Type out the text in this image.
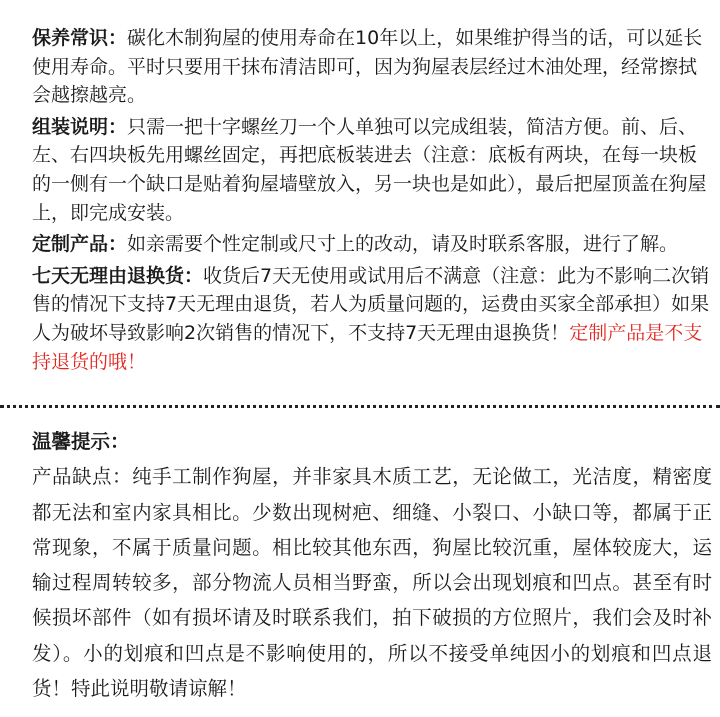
保养常识：碳化木制狗屋的使用寿命在10年以上，如果维护得当的话，可以延长使用寿命。平时只要用干抹布清洁即可，因为狗屋表层经过木油处理，经常擦拭会越擦越亮。

组装说明：只需一把十字螺丝刀一个人单独可以完成组装，简洁方便。前、后、左、右四块板先用螺丝固定，再把底板装进去（注意：底板有两块，在每一块板的一侧有一个缺口是贴着狗屋墙壁放入，另一块也是如此），最后把屋顶盖在狗屋上，即完成安装。

定制产品：如亲需要个性定制或尺寸上的改动，请及时联系客服，进行了解。

七天无理由退换货：收货后7天无使用或试用后不满意（注意：此为不影响二次销售的情况下支持7天无理由退货，若人为质量问题的，运费由买家全部承担）如果人为破坏导致影响2次销售的情况下，不支持7天无理由退换货！定制产品是不支持退货的哦！

温馨提示：

产品缺点：纯手工制作狗屋，并非家具木质工艺，无论做工，光洁度，精密度都无法和室内家具相比。少数出现树疤、细缝、小裂口、小缺口等，都属于正常现象，不属于质量问题。相比较其他东西，狗屋比较沉重，屋体较庞大，运输过程周转较多，部分物流人员相当野蛮，所以会出现划痕和凹点。甚至有时候损坏部件（如有损坏请及时联系我们，拍下破损的方位照片，我们会及时补发）。小的划痕和凹点是不影响使用的，所以不接受单纯因小的划痕和凹点退货！特此说明敬请谅解！
